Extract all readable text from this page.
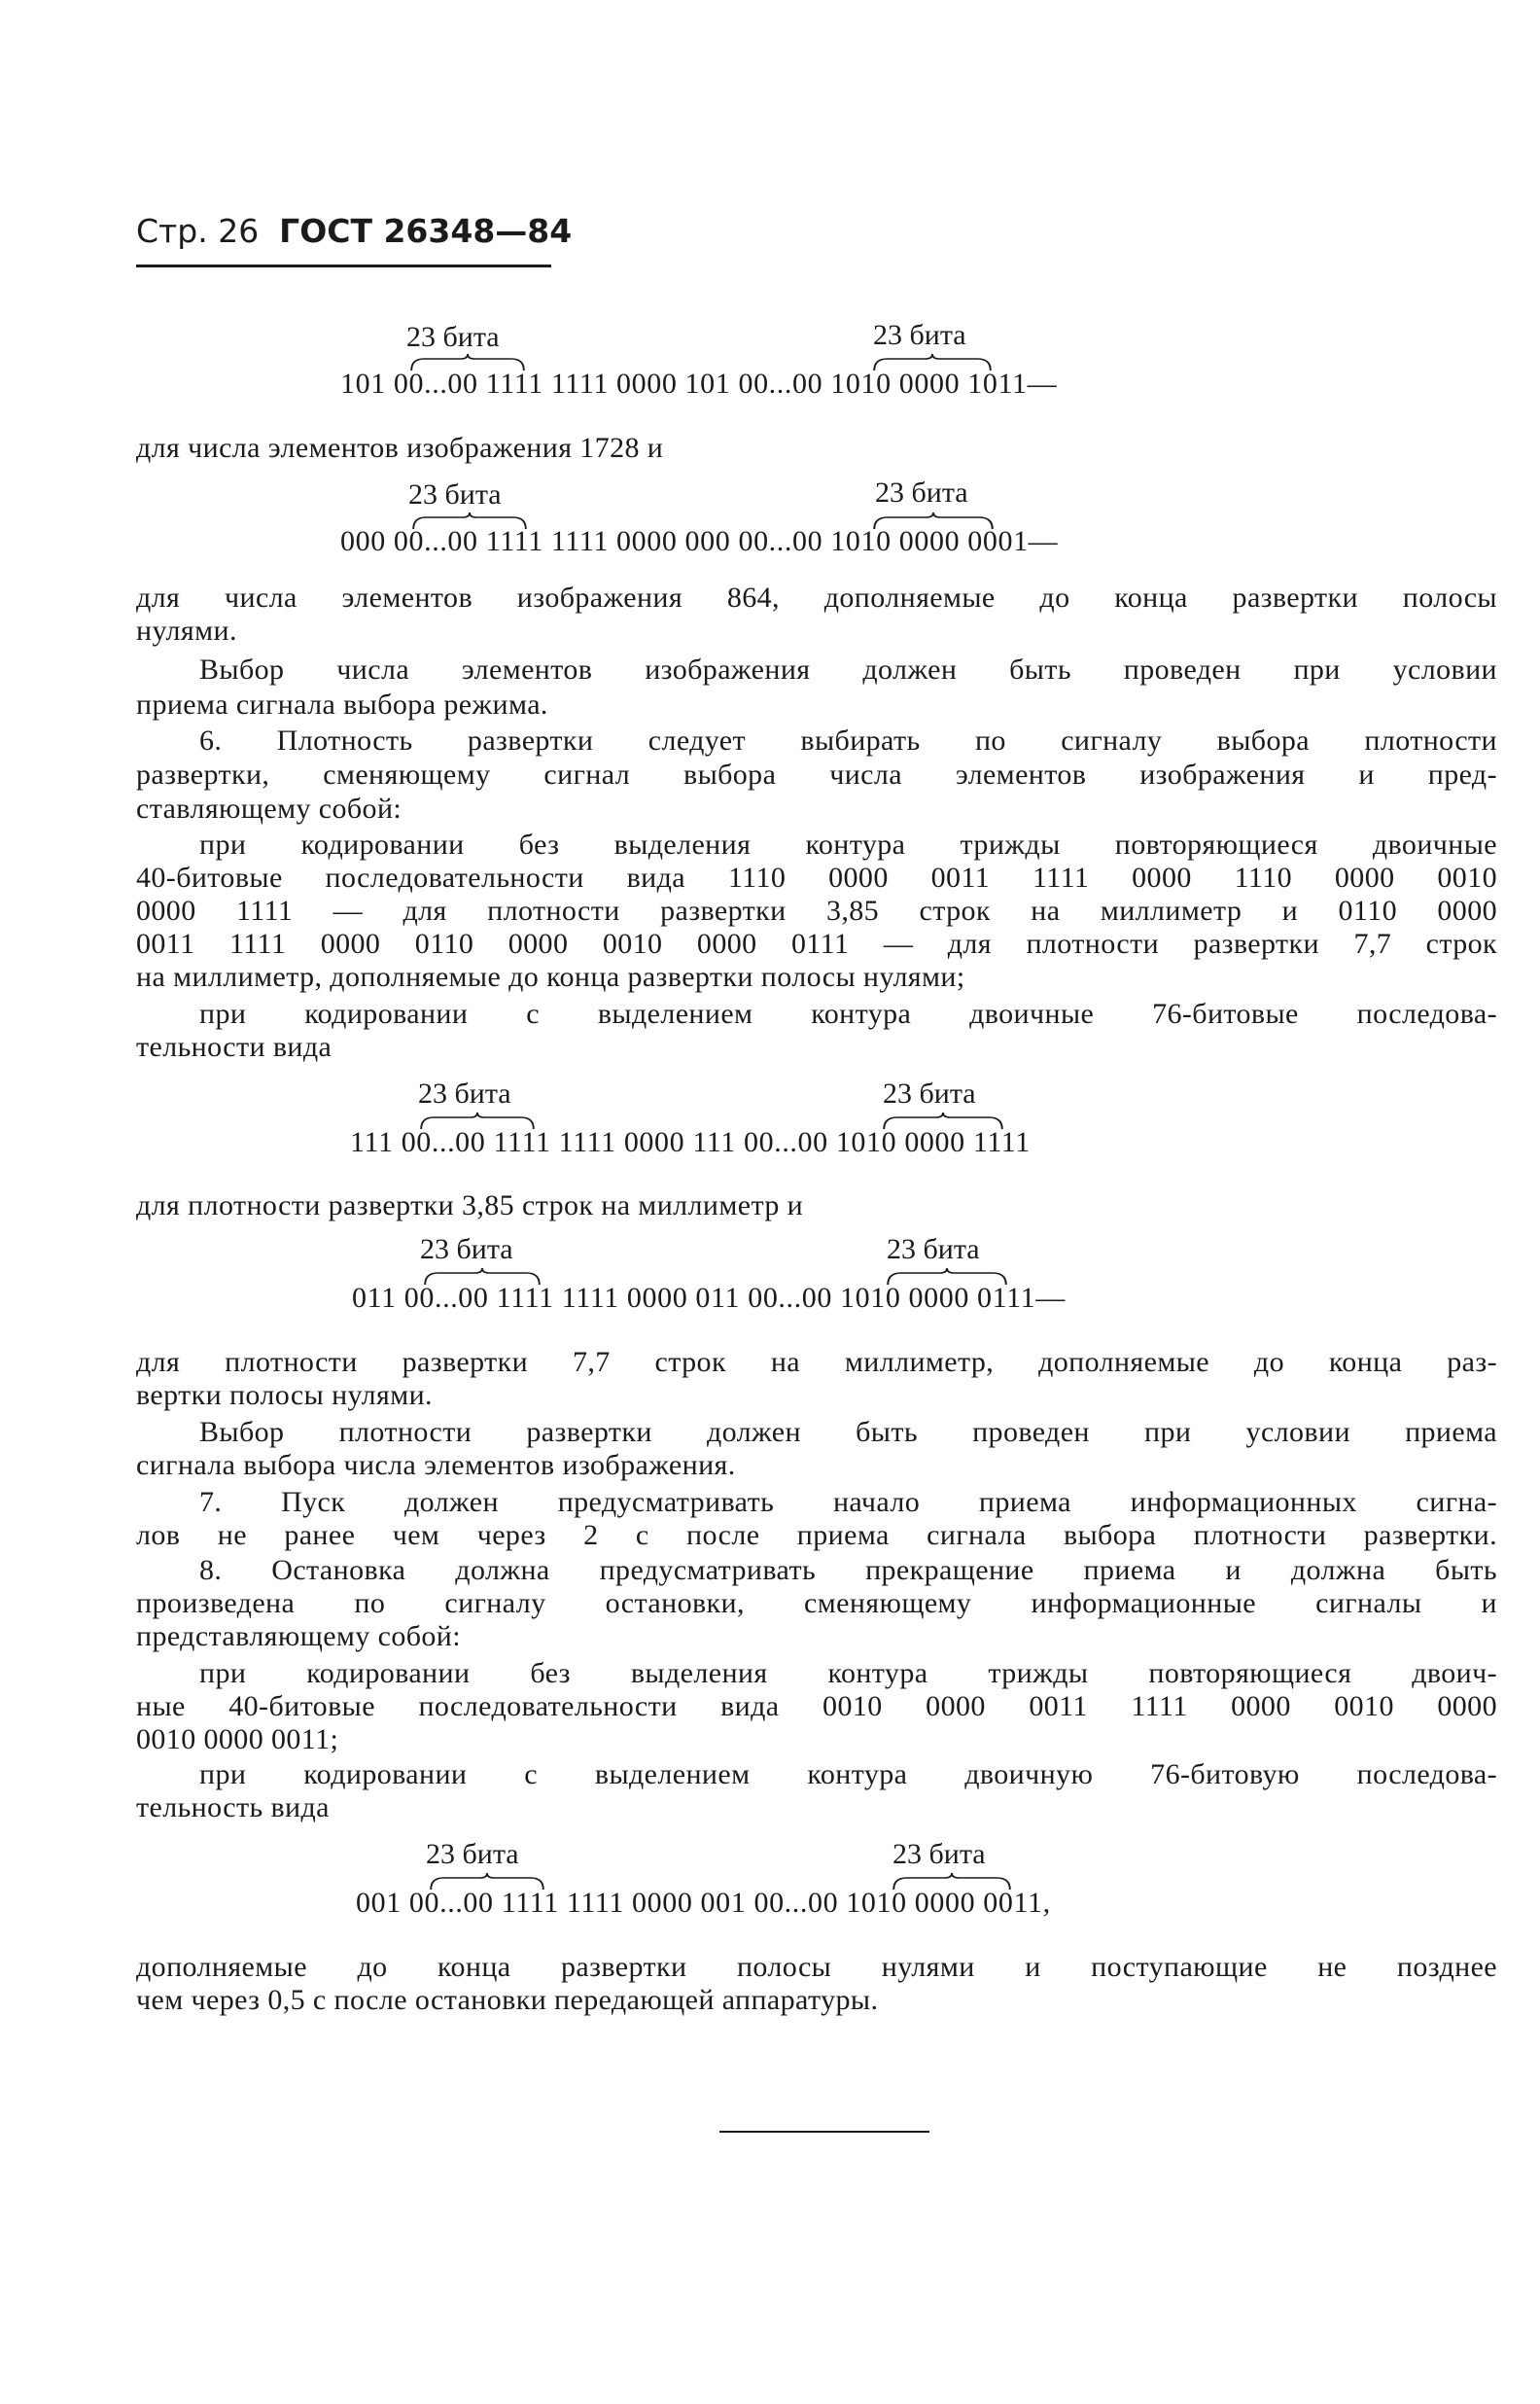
Стр. 26 ГОСТ 26348—84
23 бита	23 бита
101 00...00 1111 1111 0000 101 00...00 1010 0000 1011—
для числа элементов изображения 1728 и
23 бита	23 бита
000 00...00 1111 1111 0000 000 00...00 1010 0000 0001—
для числа элементов изображения 864, дополняемые до конца развертки полосы
нулями.
Выбор числа элементов изображения должен быть проведен при условии
приема сигнала выбора режима.
6. Плотность развертки следует выбирать по сигналу выбора плотности
развертки, сменяющему сигнал выбора числа элементов изображения и пред-
ставляющему собой:
при кодировании без выделения контура трижды повторяющиеся двоичные
40-битовые последовательности вида 1110 0000 0011 1111 0000 1110 0000 0010
0000 1111 — для плотности развертки 3,85 строк на миллиметр и 0110 0000
0011 1111 0000 0110 0000 0010 0000 0111 — для плотности развертки 7,7 строк
на миллиметр, дополняемые до конца развертки полосы нулями;
при кодировании с выделением контура двоичные 76-битовые последова-
тельности вида
23 бита	23 бита
111 00...00 1111 1111 0000 111 00...00 1010 0000 1111
для плотности развертки 3,85 строк на миллиметр и
23 бита	23 бита
011 00...00 1111 1111 0000 011 00...00 1010 0000 0111—
для плотности развертки 7,7 строк на миллиметр, дополняемые до конца раз-
вертки полосы нулями.
Выбор плотности развертки должен быть проведен при условии приема
сигнала выбора числа элементов изображения.
7. Пуск должен предусматривать начало приема информационных сигна-
лов не ранее чем через 2 с после приема сигнала выбора плотности развертки.
8. Остановка должна предусматривать прекращение приема и должна быть
произведена по сигналу остановки, сменяющему информационные сигналы и
представляющему собой:
при кодировании без выделения контура трижды повторяющиеся двоич-
ные 40-битовые последовательности вида 0010 0000 0011 1111 0000 0010 0000
0010 0000 0011;
при кодировании с выделением контура двоичную 76-битовую последова-
тельность вида
23 бита	23 бита
001 00...00 1111 1111 0000 001 00...00 1010 0000 0011,
дополняемые до конца развертки полосы нулями и поступающие не позднее
чем через 0,5 с после остановки передающей аппаратуры.
